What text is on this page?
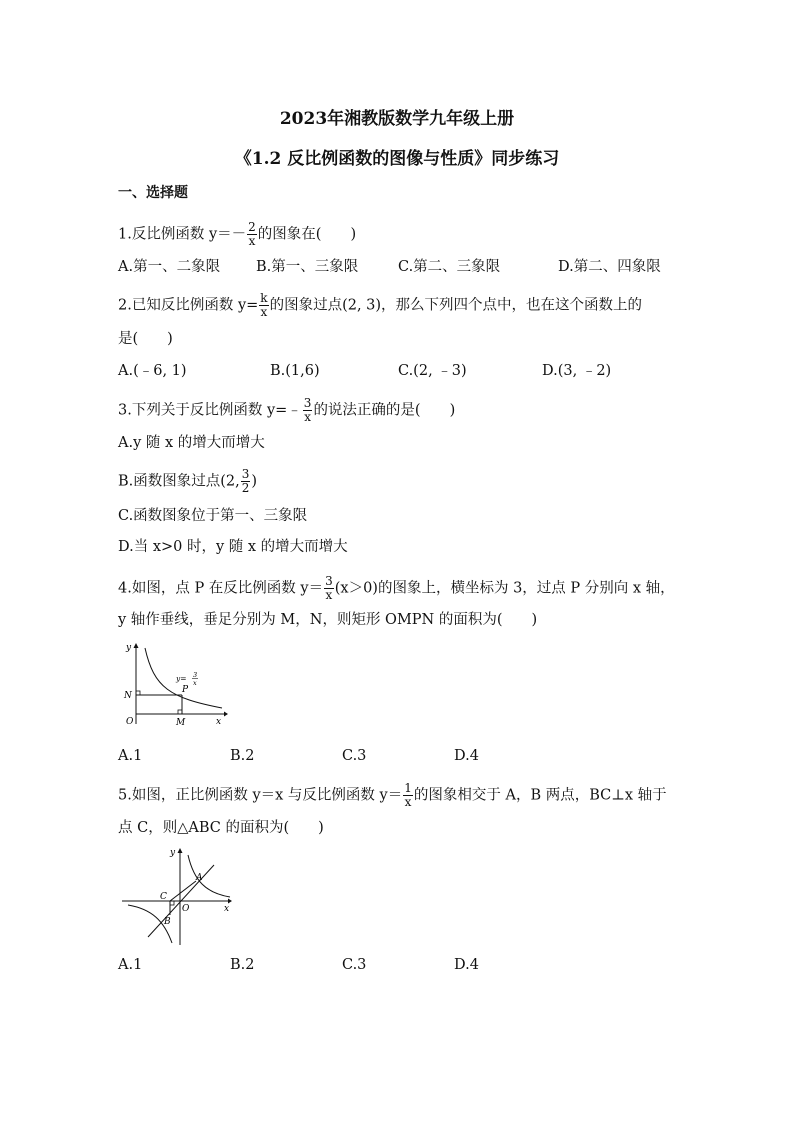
2023年湘教版数学九年级上册
《1.2 反比例函数的图像与性质》同步练习
一、选择题
1.反比例函数 $y=- \frac{2}{x}$ 的图象在(　　)
A.第一、二象限 B.第一、三象限	C.第二、三象限	D.第二、四象限
2.已知反比例函数 $y= \frac{k}{x}$ 的图象过点(2, 3)，那么下列四个点中，也在这个函数上的
是(　　)
A.(﹣6, 1)	B.(1,6)	C.(2, ﹣3)	D.(3, ﹣2)
3.下列关于反比例函数 y=﹣ $\frac{3}{x}$ 的说法正确的是(　　)
A.y 随 x 的增大而增大
B.函数图象过点(2, $\frac{3}{2}$ )
C.函数图象位于第一、三象限
D.当 x>0 时，y 随 x 的增大而增大
4.如图，点 P 在反比例函数 $y= \frac{3}{x} (x>0)$的图象上，横坐标为 3，过点 P 分别向 x 轴，
y 轴作垂线，垂足分别为 M，N，则矩形 OMPN 的面积为(　　)
y
x
O
N
M
P
y= 3
x
A.1	B.2	C.3	D.4
5.如图，正比例函数 y＝x 与反比例函数 $y= \frac{1}{x}$ 的图象相交于 A，B 两点，BC⊥x 轴于
点 C，则△ABC 的面积为(　　)
y
x
O
A
B
C
A.1	B.2	C.3	D.4
